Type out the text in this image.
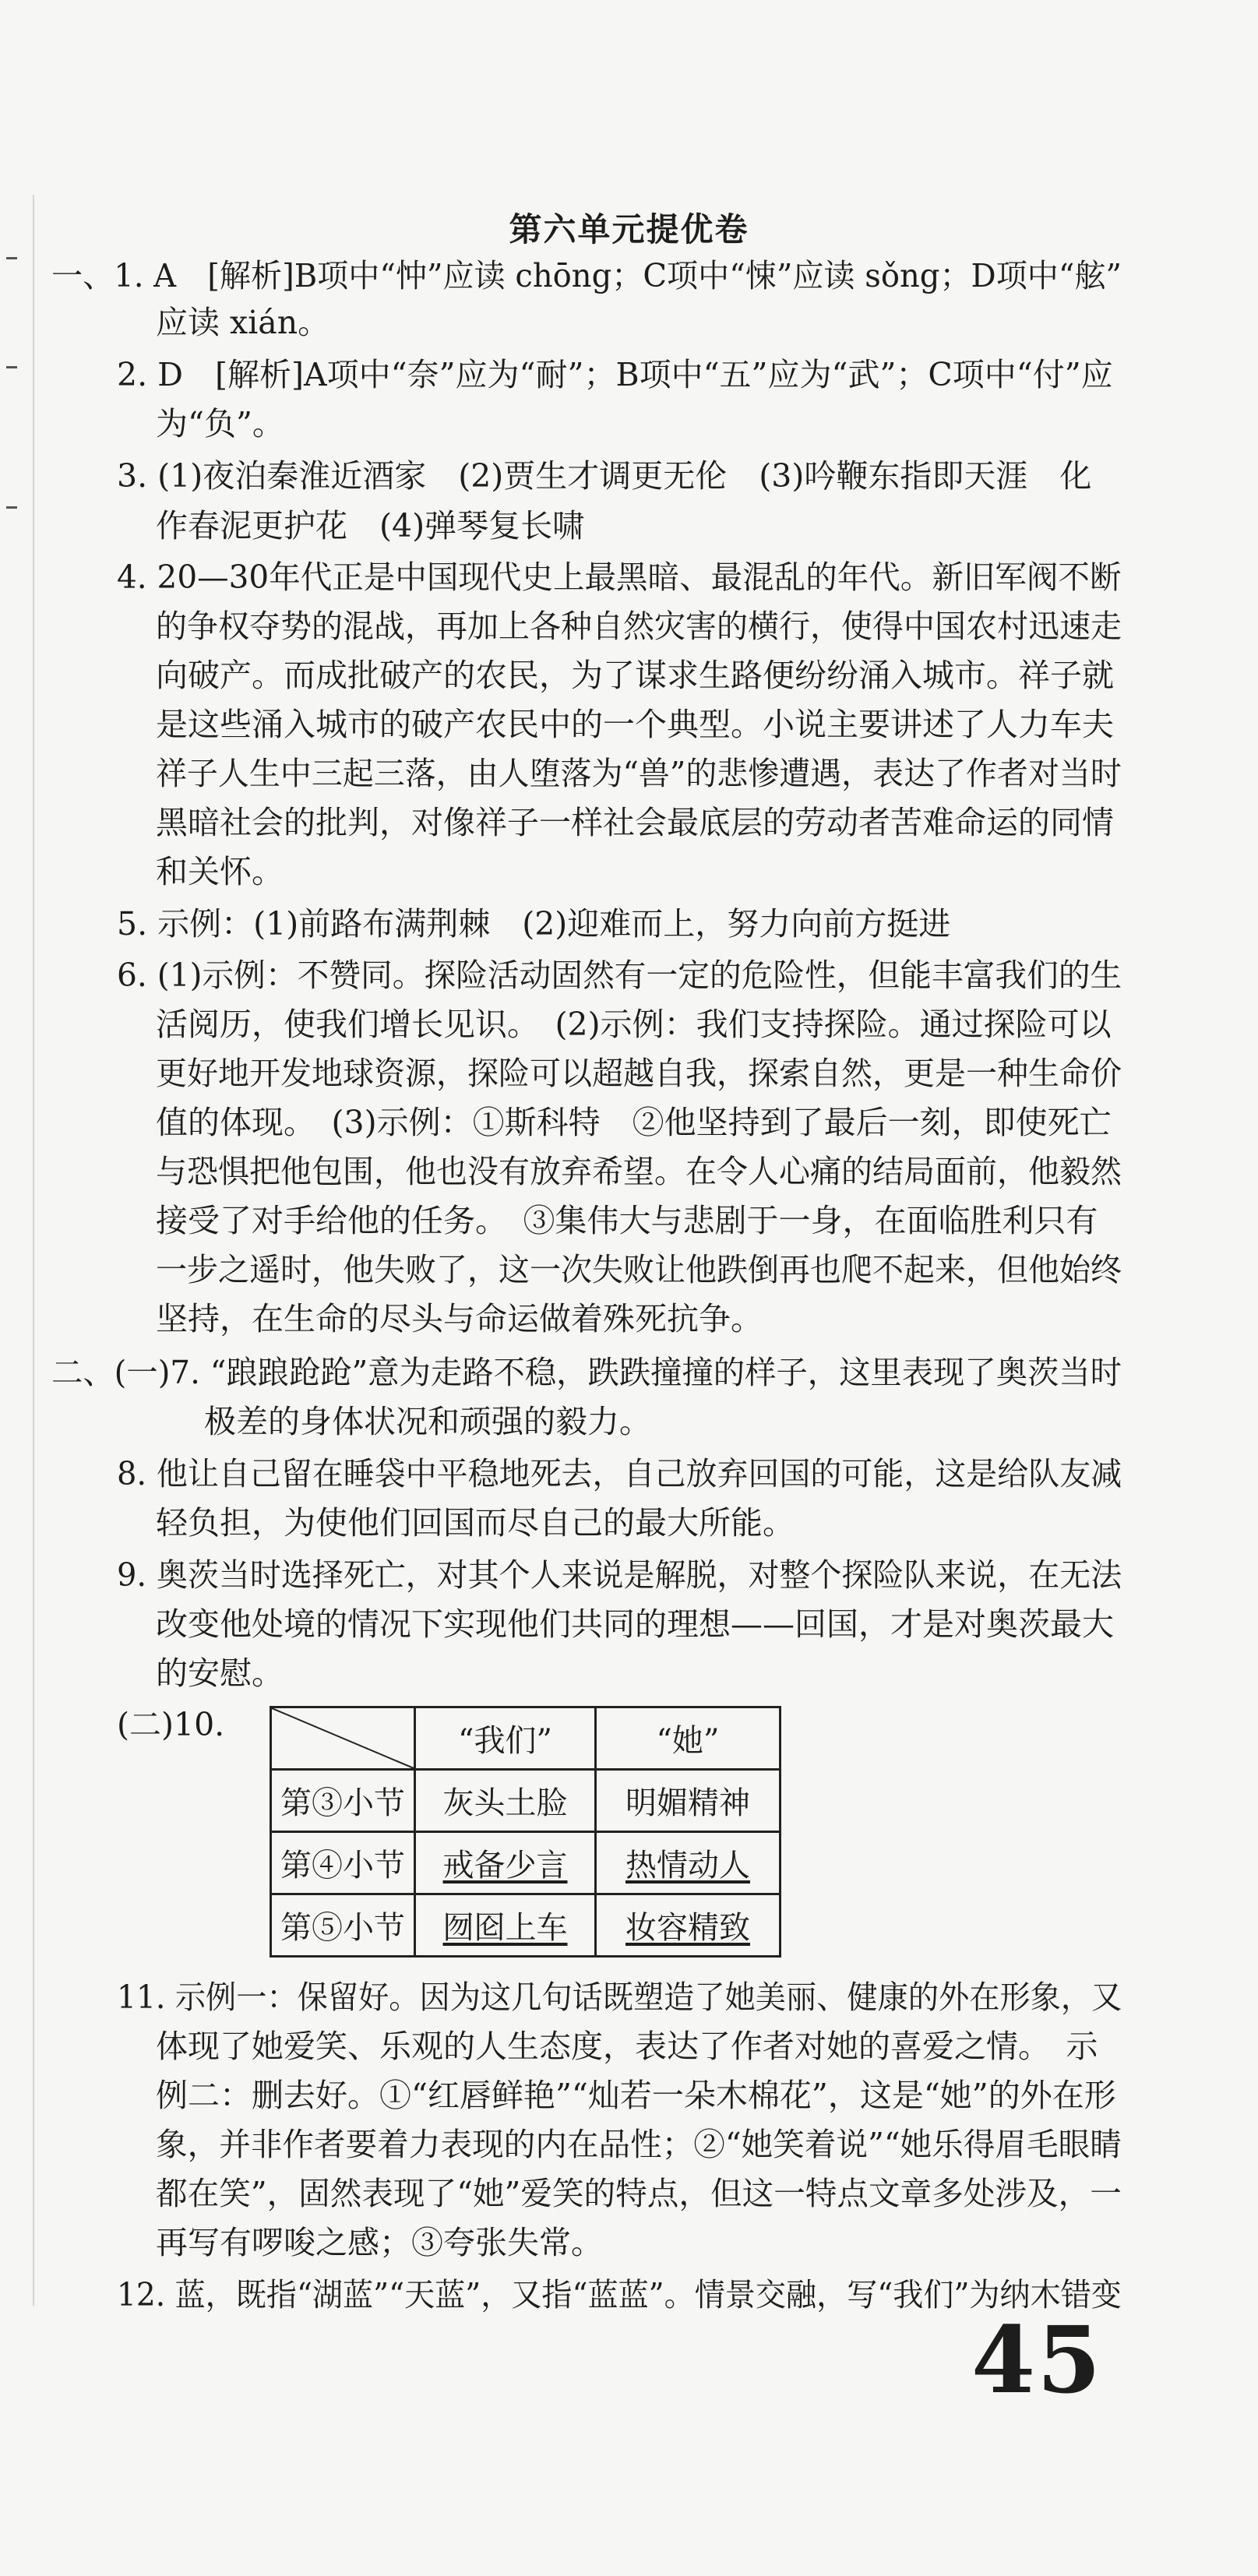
第六单元提优卷
一、1. A　[解析]B项中“忡”应读 chōng；C项中“悚”应读 sǒng；D项中“舷”
应读 xián。
2. D　[解析]A项中“奈”应为“耐”；B项中“五”应为“武”；C项中“付”应
为“负”。
3. (1)夜泊秦淮近酒家　(2)贾生才调更无伦　(3)吟鞭东指即天涯　化
作春泥更护花　(4)弹琴复长啸
4. 20—30年代正是中国现代史上最黑暗、最混乱的年代。新旧军阀不断
的争权夺势的混战，再加上各种自然灾害的横行，使得中国农村迅速走
向破产。而成批破产的农民，为了谋求生路便纷纷涌入城市。祥子就
是这些涌入城市的破产农民中的一个典型。小说主要讲述了人力车夫
祥子人生中三起三落，由人堕落为“兽”的悲惨遭遇，表达了作者对当时
黑暗社会的批判，对像祥子一样社会最底层的劳动者苦难命运的同情
和关怀。
5. 示例：(1)前路布满荆棘　(2)迎难而上，努力向前方挺进
6. (1)示例：不赞同。探险活动固然有一定的危险性，但能丰富我们的生
活阅历，使我们增长见识。　(2)示例：我们支持探险。通过探险可以
更好地开发地球资源，探险可以超越自我，探索自然，更是一种生命价
值的体现。　(3)示例：①斯科特　②他坚持到了最后一刻，即使死亡
与恐惧把他包围，他也没有放弃希望。在令人心痛的结局面前，他毅然
接受了对手给他的任务。　③集伟大与悲剧于一身，在面临胜利只有
一步之遥时，他失败了，这一次失败让他跌倒再也爬不起来，但他始终
坚持，在生命的尽头与命运做着殊死抗争。
二、(一)7. “踉踉跄跄”意为走路不稳，跌跌撞撞的样子，这里表现了奥茨当时
极差的身体状况和顽强的毅力。
8. 他让自己留在睡袋中平稳地死去，自己放弃回国的可能，这是给队友减
轻负担，为使他们回国而尽自己的最大所能。
9. 奥茨当时选择死亡，对其个人来说是解脱，对整个探险队来说，在无法
改变他处境的情况下实现他们共同的理想——回国，才是对奥茨最大
的安慰。
(二)10.
		“我们”	“她”
第③小节	灰头土脸	明媚精神
第④小节	戒备少言	热情动人
第⑤小节	囫囵上车	妆容精致
11. 示例一：保留好。因为这几句话既塑造了她美丽、健康的外在形象，又
体现了她爱笑、乐观的人生态度，表达了作者对她的喜爱之情。　示
例二：删去好。①“红唇鲜艳”“灿若一朵木棉花”，这是“她”的外在形
象，并非作者要着力表现的内在品性；②“她笑着说”“她乐得眉毛眼睛
都在笑”，固然表现了“她”爱笑的特点，但这一特点文章多处涉及，一
再写有啰唆之感；③夸张失常。
12. 蓝，既指“湖蓝”“天蓝”，又指“蓝蓝”。情景交融，写“我们”为纳木错变
45
